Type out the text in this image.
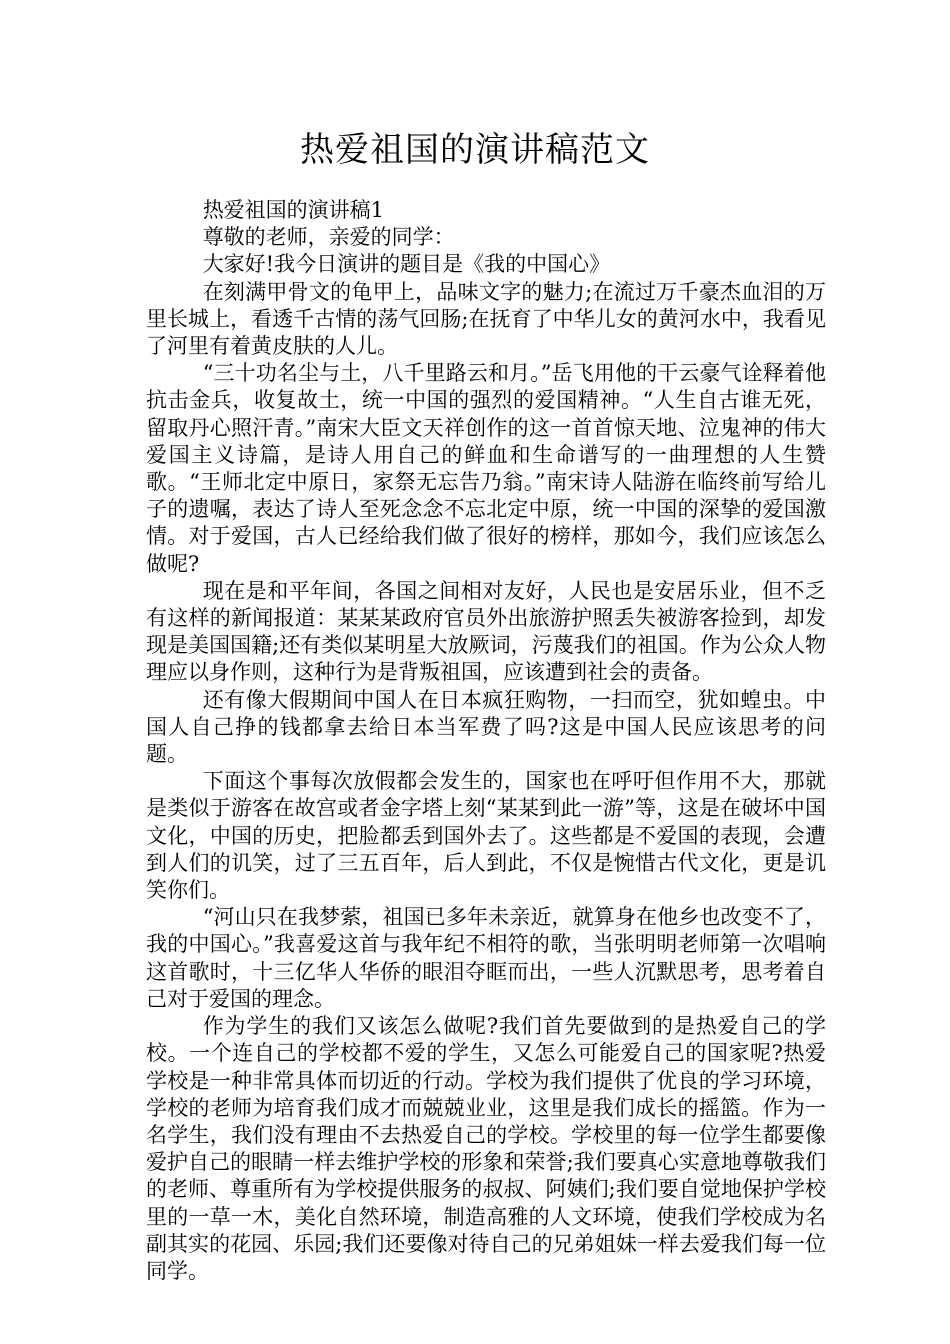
热爱祖国的演讲稿范文

热爱祖国的演讲稿1

尊敬的老师，亲爱的同学：

大家好!我今日演讲的题目是《我的中国心》

在刻满甲骨文的龟甲上，品味文字的魅力;在流过万千豪杰血泪的万里长城上，看透千古情的荡气回肠;在抚育了中华儿女的黄河水中，我看见了河里有着黄皮肤的人儿。

“三十功名尘与土，八千里路云和月。”岳飞用他的干云豪气诠释着他抗击金兵，收复故土，统一中国的强烈的爱国精神。“人生自古谁无死，留取丹心照汗青。”南宋大臣文天祥创作的这一首首惊天地、泣鬼神的伟大爱国主义诗篇，是诗人用自己的鲜血和生命谱写的一曲理想的人生赞歌。“王师北定中原日，家祭无忘告乃翁。”南宋诗人陆游在临终前写给儿子的遗嘱，表达了诗人至死念念不忘北定中原，统一中国的深挚的爱国激情。对于爱国，古人已经给我们做了很好的榜样，那如今，我们应该怎么做呢?

现在是和平年间，各国之间相对友好，人民也是安居乐业，但不乏有这样的新闻报道：某某某政府官员外出旅游护照丢失被游客捡到，却发现是美国国籍;还有类似某明星大放厥词，污蔑我们的祖国。作为公众人物理应以身作则，这种行为是背叛祖国，应该遭到社会的责备。

还有像大假期间中国人在日本疯狂购物，一扫而空，犹如蝗虫。中国人自己挣的钱都拿去给日本当军费了吗?这是中国人民应该思考的问题。

下面这个事每次放假都会发生的，国家也在呼吁但作用不大，那就是类似于游客在故宫或者金字塔上刻“某某到此一游”等，这是在破坏中国文化，中国的历史，把脸都丢到国外去了。这些都是不爱国的表现，会遭到人们的讥笑，过了三五百年，后人到此，不仅是惋惜古代文化，更是讥笑你们。

“河山只在我梦萦，祖国已多年未亲近，就算身在他乡也改变不了，我的中国心。”我喜爱这首与我年纪不相符的歌，当张明明老师第一次唱响这首歌时，十三亿华人华侨的眼泪夺眶而出，一些人沉默思考，思考着自己对于爱国的理念。

作为学生的我们又该怎么做呢?我们首先要做到的是热爱自己的学校。一个连自己的学校都不爱的学生，又怎么可能爱自己的国家呢?热爱学校是一种非常具体而切近的行动。学校为我们提供了优良的学习环境，学校的老师为培育我们成才而兢兢业业，这里是我们成长的摇篮。作为一名学生，我们没有理由不去热爱自己的学校。学校里的每一位学生都要像爱护自己的眼睛一样去维护学校的形象和荣誉;我们要真心实意地尊敬我们的老师、尊重所有为学校提供服务的叔叔、阿姨们;我们要自觉地保护学校里的一草一木，美化自然环境，制造高雅的人文环境，使我们学校成为名副其实的花园、乐园;我们还要像对待自己的兄弟姐妹一样去爱我们每一位同学。
